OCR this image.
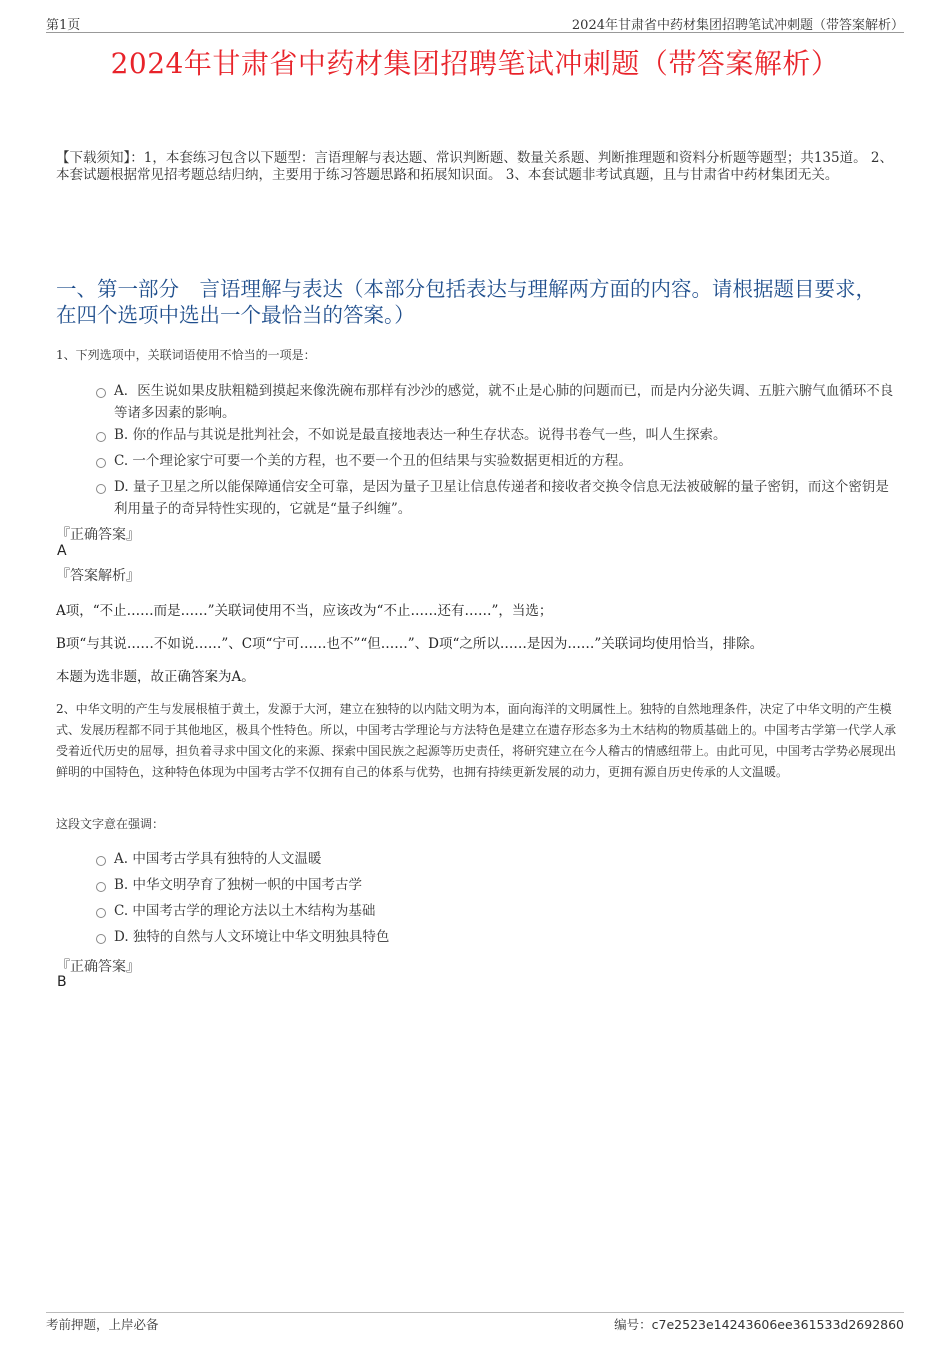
第1页	2024年甘肃省中药材集团招聘笔试冲刺题（带答案解析）
2024年甘肃省中药材集团招聘笔试冲刺题（带答案解析）
【下载须知】：1，本套练习包含以下题型：言语理解与表达题、常识判断题、数量关系题、判断推理题和资料分析题等题型；共135道。 2、本套试题根据常见招考题总结归纳，主要用于练习答题思路和拓展知识面。 3、本套试题非考试真题，且与甘肃省中药材集团无关。
一、第一部分　言语理解与表达（本部分包括表达与理解两方面的内容。请根据题目要求，在四个选项中选出一个最恰当的答案。）
1、下列选项中，关联词语使用不恰当的一项是：
A．医生说如果皮肤粗糙到摸起来像洗碗布那样有沙沙的感觉，就不止是心肺的问题而已，而是内分泌失调、五脏六腑气血循环不良等诸多因素的影响。
B. 你的作品与其说是批判社会，不如说是最直接地表达一种生存状态。说得书卷气一些，叫人生探索。
C. 一个理论家宁可要一个美的方程，也不要一个丑的但结果与实验数据更相近的方程。
D. 量子卫星之所以能保障通信安全可靠，是因为量子卫星让信息传递者和接收者交换令信息无法被破解的量子密钥，而这个密钥是利用量子的奇异特性实现的，它就是“量子纠缠”。
『正确答案』
A
『答案解析』
A项，“不止……而是……”关联词使用不当，应该改为“不止……还有……”，当选；
B项“与其说……不如说……”、C项“宁可……也不”“但……”、D项“之所以……是因为……”关联词均使用恰当，排除。
本题为选非题，故正确答案为A。
2、中华文明的产生与发展根植于黄土，发源于大河，建立在独特的以内陆文明为本，面向海洋的文明属性上。独特的自然地理条件，决定了中华文明的产生模式、发展历程都不同于其他地区，极具个性特色。所以，中国考古学理论与方法特色是建立在遗存形态多为土木结构的物质基础上的。中国考古学第一代学人承受着近代历史的屈辱，担负着寻求中国文化的来源、探索中国民族之起源等历史责任，将研究建立在今人稽古的情感纽带上。由此可见，中国考古学势必展现出鲜明的中国特色，这种特色体现为中国考古学不仅拥有自己的体系与优势，也拥有持续更新发展的动力，更拥有源自历史传承的人文温暖。
这段文字意在强调：
A. 中国考古学具有独特的人文温暖
B. 中华文明孕育了独树一帜的中国考古学
C. 中国考古学的理论方法以土木结构为基础
D. 独特的自然与人文环境让中华文明独具特色
『正确答案』
B
考前押题，上岸必备	编号：c7e2523e14243606ee361533d2692860
